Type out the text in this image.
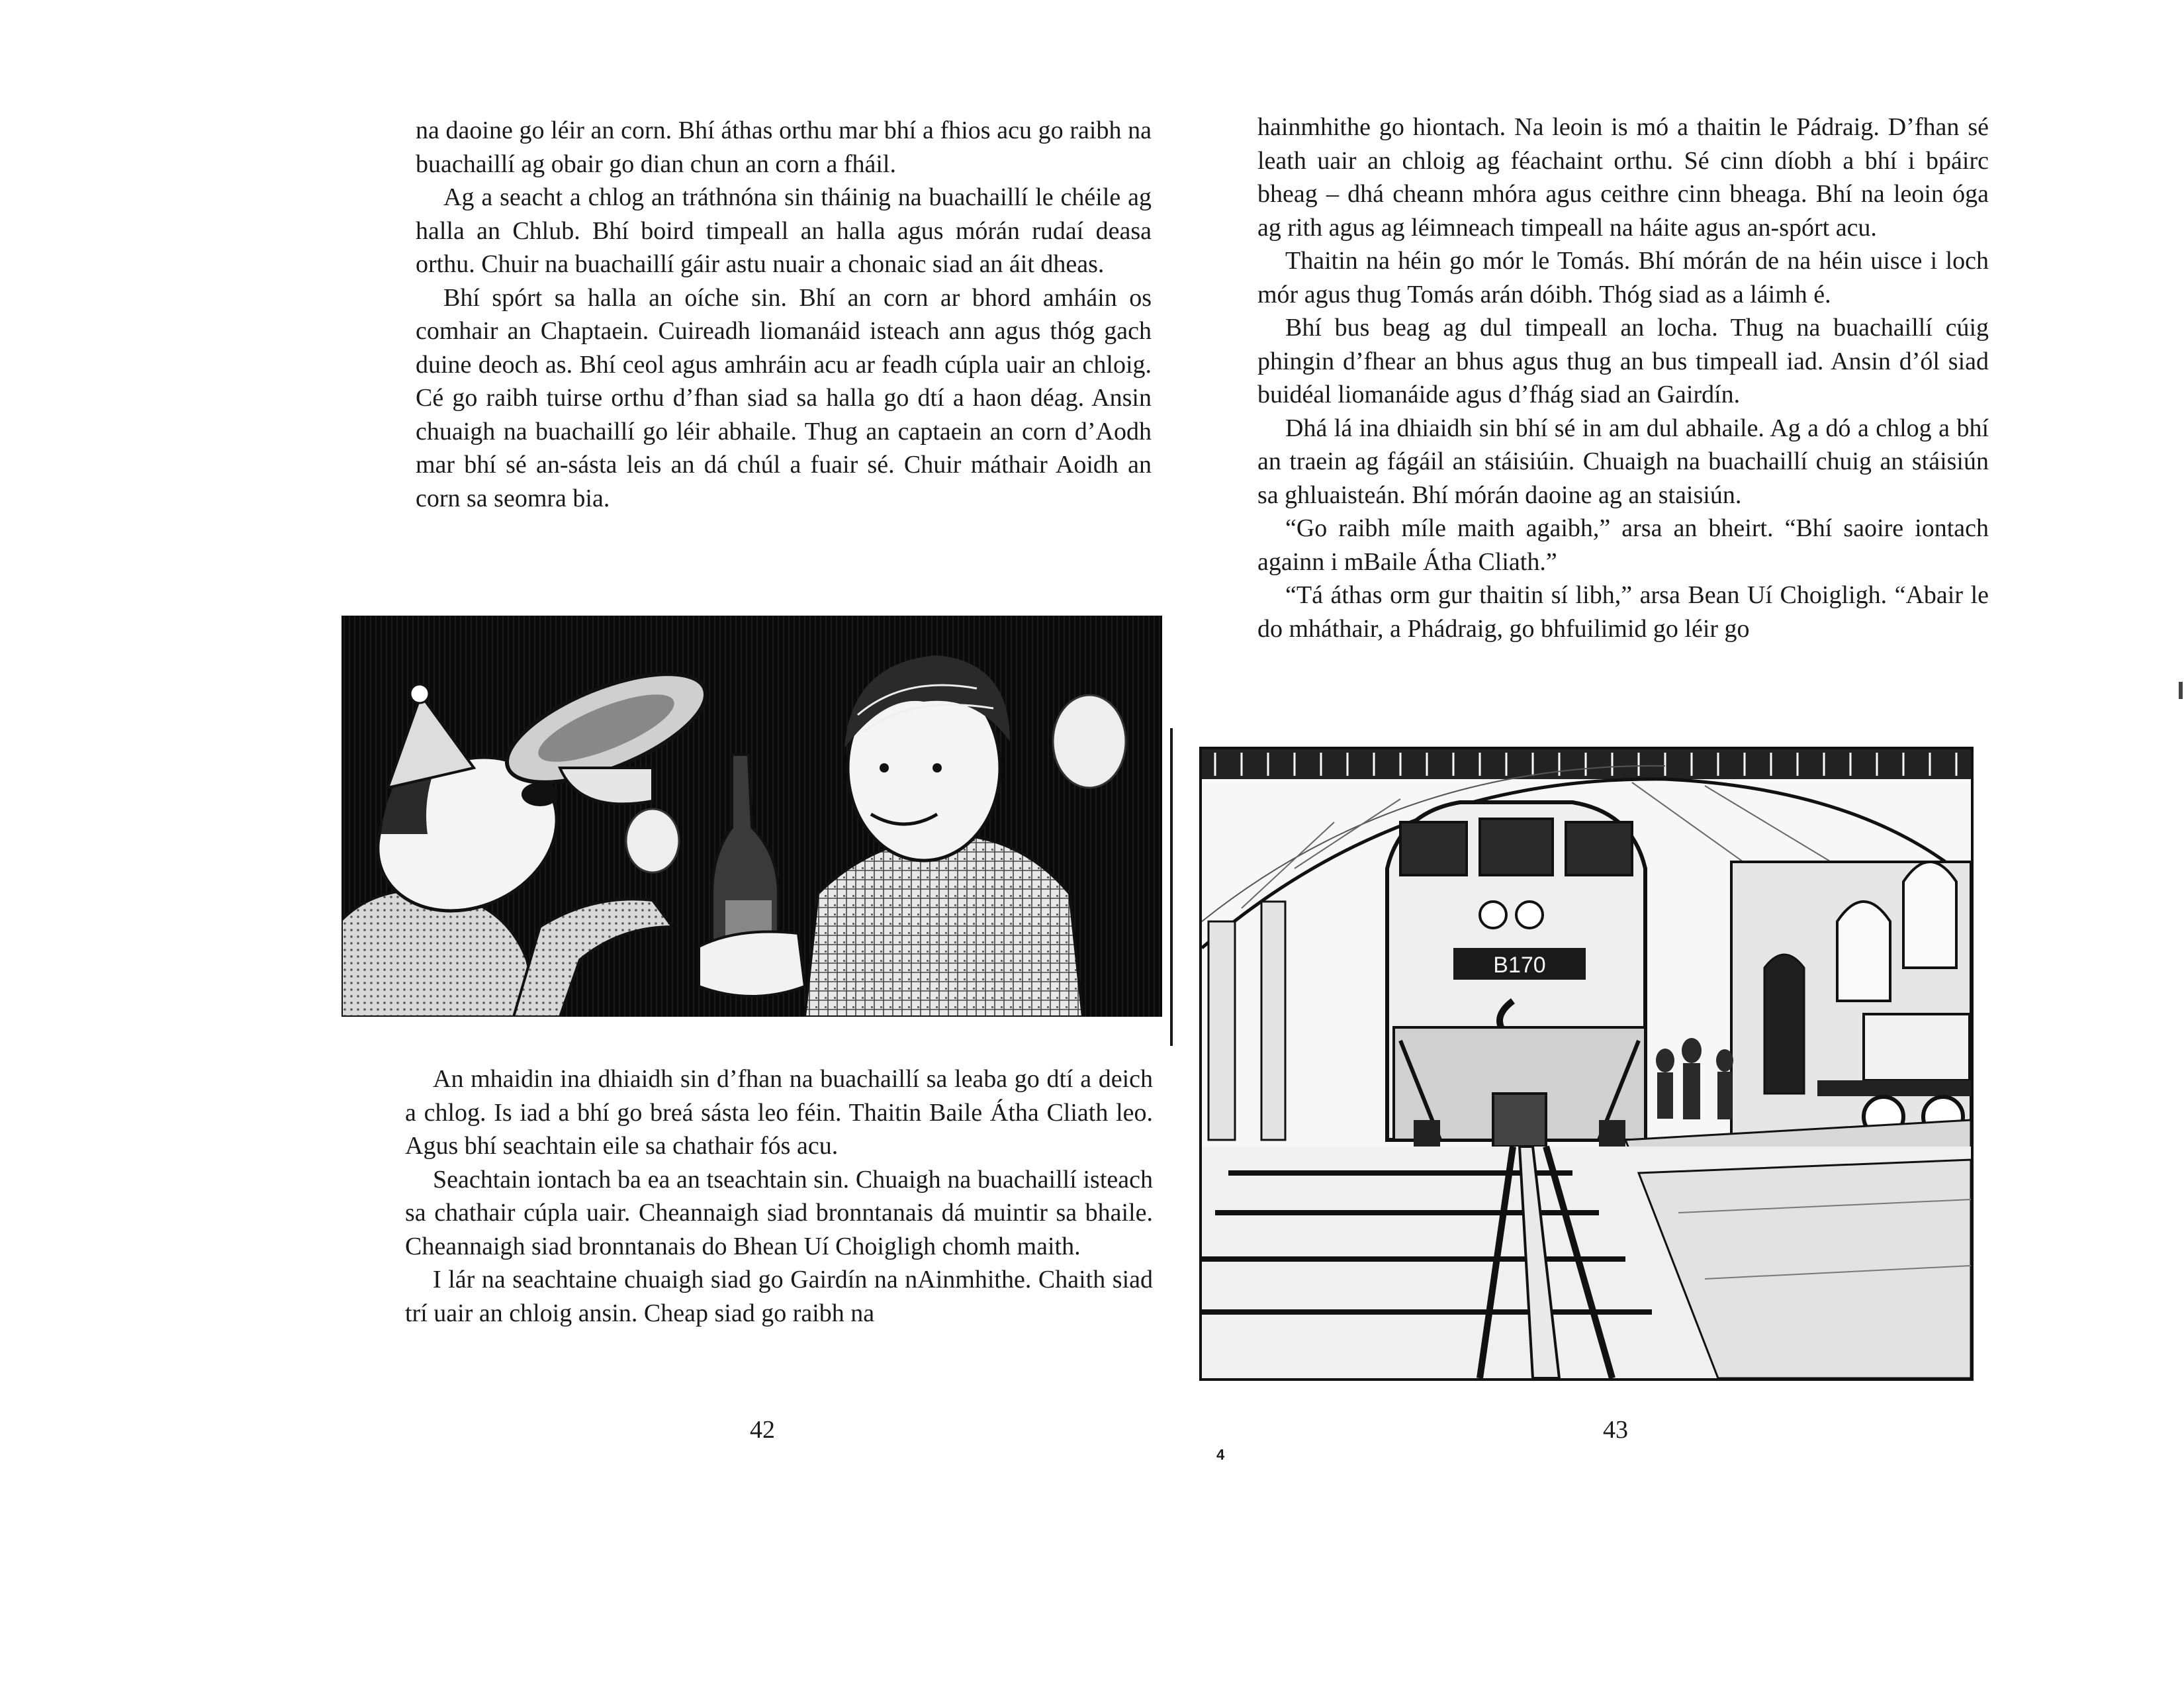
na daoine go léir an corn. Bhí áthas orthu mar bhí a fhios acu go raibh na buachaillí ag obair go dian chun an corn a fháil.

Ag a seacht a chlog an tráthnóna sin tháinig na buachaillí le chéile ag halla an Chlub. Bhí boird timpeall an halla agus mórán rudaí deasa orthu. Chuir na buachaillí gáir astu nuair a chonaic siad an áit dheas.

Bhí spórt sa halla an oíche sin. Bhí an corn ar bhord amháin os comhair an Chaptaein. Cuireadh liomanáid isteach ann agus thóg gach duine deoch as. Bhí ceol agus amhráin acu ar feadh cúpla uair an chloig. Cé go raibh tuirse orthu d’fhan siad sa halla go dtí a haon déag. Ansin chuaigh na buachaillí go léir abhaile. Thug an captaein an corn d’Aodh mar bhí sé an-sásta leis an dá chúl a fuair sé. Chuir máthair Aoidh an corn sa seomra bia.

An mhaidin ina dhiaidh sin d’fhan na buachaillí sa leaba go dtí a deich a chlog. Is iad a bhí go breá sásta leo féin. Thaitin Baile Átha Cliath leo. Agus bhí seachtain eile sa chathair fós acu.

Seachtain iontach ba ea an tseachtain sin. Chuaigh na buachaillí isteach sa chathair cúpla uair. Cheannaigh siad bronntanais dá muintir sa bhaile. Cheannaigh siad bronntanais do Bhean Uí Choigligh chomh maith.

I lár na seachtaine chuaigh siad go Gairdín na nAinmhithe. Chaith siad trí uair an chloig ansin. Cheap siad go raibh na

42

hainmhithe go hiontach. Na leoin is mó a thaitin le Pádraig. D’fhan sé leath uair an chloig ag féachaint orthu. Sé cinn díobh a bhí i bpáirc bheag – dhá cheann mhóra agus ceithre cinn bheaga. Bhí na leoin óga ag rith agus ag léimneach timpeall na háite agus an-spórt acu.

Thaitin na héin go mór le Tomás. Bhí mórán de na héin uisce i loch mór agus thug Tomás arán dóibh. Thóg siad as a láimh é.

Bhí bus beag ag dul timpeall an locha. Thug na buachaillí cúig phingin d’fhear an bhus agus thug an bus timpeall iad. Ansin d’ól siad buidéal liomanáide agus d’fhág siad an Gairdín.

Dhá lá ina dhiaidh sin bhí sé in am dul abhaile. Ag a dó a chlog a bhí an traein ag fágáil an stáisiúin. Chuaigh na buachaillí chuig an stáisiún sa ghluaisteán. Bhí mórán daoine ag an staisiún.

“Go raibh míle maith agaibh,” arsa an bheirt. “Bhí saoire iontach againn i mBaile Átha Cliath.”

“Tá áthas orm gur thaitin sí libh,” arsa Bean Uí Choigligh. “Abair le do mháthair, a Phádraig, go bhfuilimid go léir go

B170
43
4
